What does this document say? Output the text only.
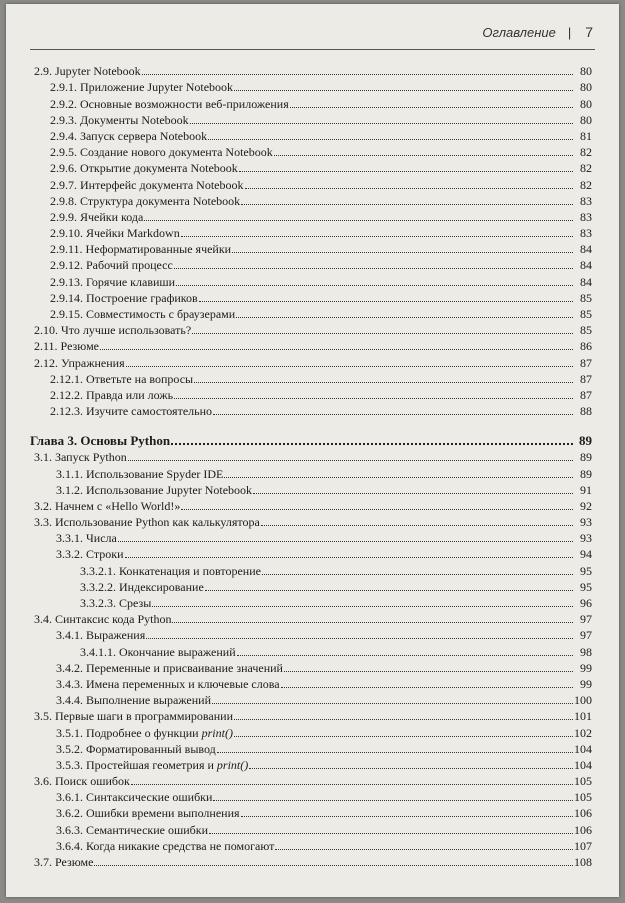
Оглавление | 7
2.9. Jupyter Notebook	80
2.9.1. Приложение Jupyter Notebook	80
2.9.2. Основные возможности веб-приложения	80
2.9.3. Документы Notebook	80
2.9.4. Запуск сервера Notebook	81
2.9.5. Создание нового документа Notebook	82
2.9.6. Открытие документа Notebook	82
2.9.7. Интерфейс документа Notebook	82
2.9.8. Структура документа Notebook	83
2.9.9. Ячейки кода	83
2.9.10. Ячейки Markdown	83
2.9.11. Неформатированные ячейки	84
2.9.12. Рабочий процесс	84
2.9.13. Горячие клавиши	84
2.9.14. Построение графиков	85
2.9.15. Совместимость с браузерами	85
2.10. Что лучше использовать?	85
2.11. Резюме	86
2.12. Упражнения	87
2.12.1. Ответьте на вопросы	87
2.12.2. Правда или ложь	87
2.12.3. Изучите самостоятельно	88
Глава 3. Основы Python	89
3.1. Запуск Python	89
3.1.1. Использование Spyder IDE	89
3.1.2. Использование Jupyter Notebook	91
3.2. Начнем с «Hello World!»	92
3.3. Использование Python как калькулятора	93
3.3.1. Числа	93
3.3.2. Строки	94
3.3.2.1. Конкатенация и повторение	95
3.3.2.2. Индексирование	95
3.3.2.3. Срезы	96
3.4. Синтаксис кода Python	97
3.4.1. Выражения	97
3.4.1.1. Окончание выражений	98
3.4.2. Переменные и присваивание значений	99
3.4.3. Имена переменных и ключевые слова	99
3.4.4. Выполнение выражений	100
3.5. Первые шаги в программировании	101
3.5.1. Подробнее о функции print()	102
3.5.2. Форматированный вывод	104
3.5.3. Простейшая геометрия и print()	104
3.6. Поиск ошибок	105
3.6.1. Синтаксические ошибки	105
3.6.2. Ошибки времени выполнения	106
3.6.3. Семантические ошибки	106
3.6.4. Когда никакие средства не помогают	107
3.7. Резюме	108
